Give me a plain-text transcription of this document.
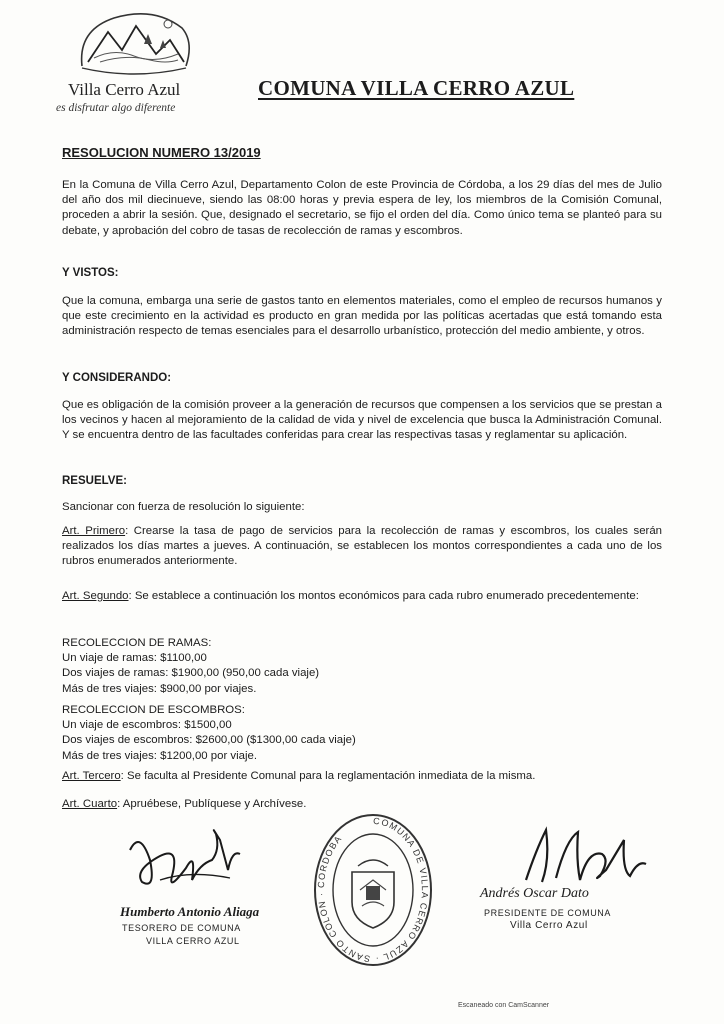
Villa Cerro Azul
es disfrutar algo diferente
COMUNA VILLA CERRO AZUL
RESOLUCION NUMERO 13/2019
En la Comuna de Villa Cerro Azul, Departamento Colon de este Provincia de Córdoba, a los 29 días del mes de Julio del año dos mil diecinueve, siendo las 08:00 horas y previa espera de ley, los miembros de la Comisión Comunal, proceden a abrir la sesión. Que, designado el secretario, se fijo el orden del día. Como único tema se planteó para su debate, y aprobación del cobro de tasas de recolección de ramas y escombros.
Y VISTOS:
Que la comuna, embarga una serie de gastos tanto en elementos materiales, como el empleo de recursos humanos y que este crecimiento en la actividad es producto en gran medida por las políticas acertadas que está tomando esta administración respecto de temas esenciales para el desarrollo urbanístico, protección del medio ambiente, y otros.
Y CONSIDERANDO:
Que es obligación de la comisión proveer a la generación de recursos que compensen a los servicios que se prestan a los vecinos y hacen al mejoramiento de la calidad de vida y nivel de excelencia que busca la Administración Comunal. Y se encuentra dentro de las facultades conferidas para crear las respectivas tasas y reglamentar su aplicación.
RESUELVE:
Sancionar con fuerza de resolución lo siguiente:
Art. Primero: Crearse la tasa de pago de servicios para la recolección de ramas y escombros, los cuales serán realizados los días martes a jueves. A continuación, se establecen los montos correspondientes a cada uno de los rubros enumerados anteriormente.
Art. Segundo: Se establece a continuación los montos económicos para cada rubro enumerado precedentemente:
RECOLECCION DE RAMAS:
Un viaje de ramas: $1100,00
Dos viajes de ramas: $1900,00 (950,00 cada viaje)
Más de tres viajes: $900,00 por viajes.
RECOLECCION DE ESCOMBROS:
Un viaje de escombros: $1500,00
Dos viajes de escombros: $2600,00 ($1300,00 cada viaje)
Más de tres viajes: $1200,00 por viaje.
Art. Tercero: Se faculta al Presidente Comunal para la reglamentación inmediata de la misma.
Art. Cuarto: Apruébese, Publíquese y Archívese.
Humberto Antonio Aliaga
TESORERO DE COMUNA
VILLA CERRO AZUL
COMUNA DE VILLA CERRO AZUL · SANTO COLON · CORDOBA
Andrés Oscar Dato
PRESIDENTE DE COMUNA
Villa Cerro Azul
Escaneado con CamScanner
